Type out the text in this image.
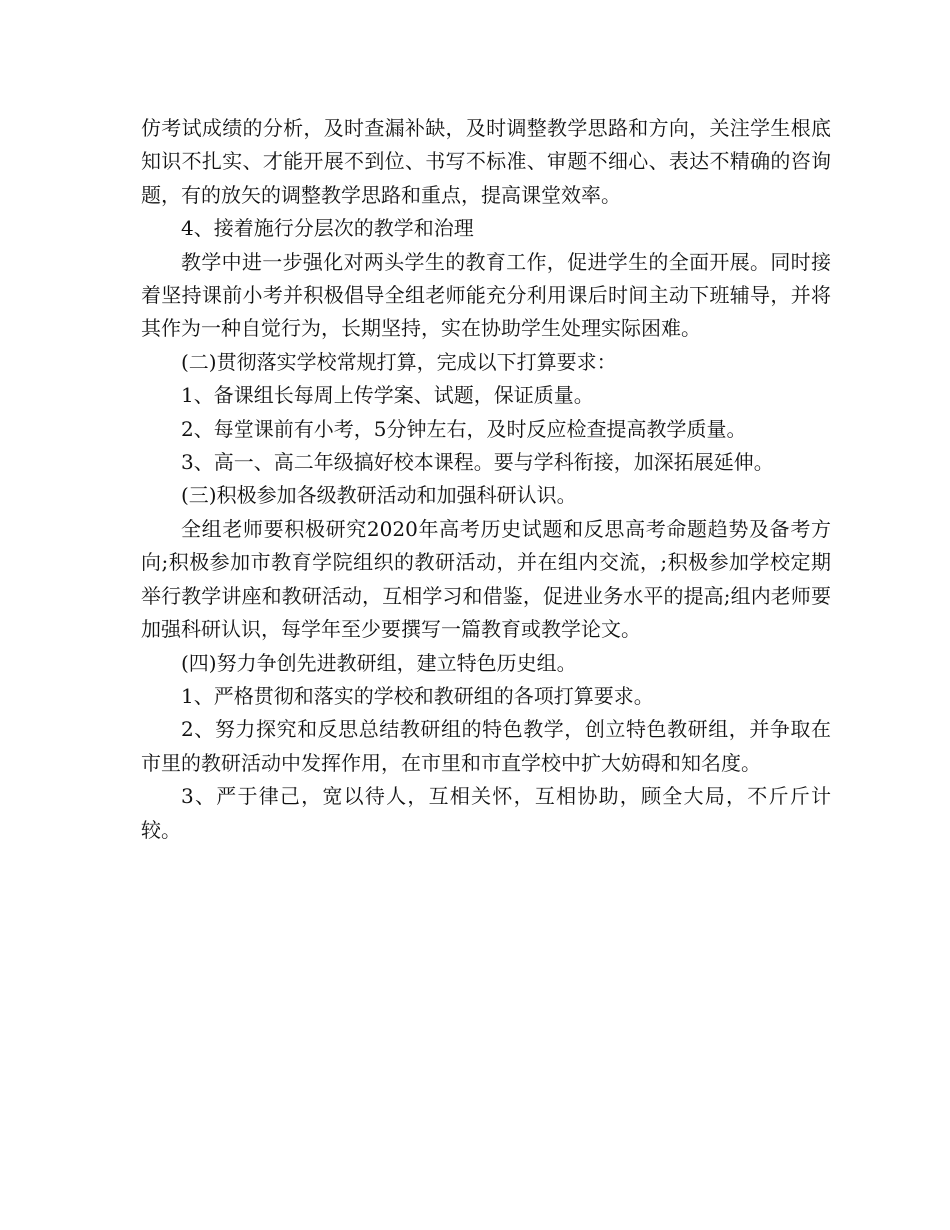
仿考试成绩的分析，及时查漏补缺，及时调整教学思路和方向，关注学生根底知识不扎实、才能开展不到位、书写不标准、审题不细心、表达不精确的咨询题，有的放矢的调整教学思路和重点，提高课堂效率。

4、接着施行分层次的教学和治理

教学中进一步强化对两头学生的教育工作，促进学生的全面开展。同时接着坚持课前小考并积极倡导全组老师能充分利用课后时间主动下班辅导，并将其作为一种自觉行为，长期坚持，实在协助学生处理实际困难。

(二)贯彻落实学校常规打算，完成以下打算要求：

1、备课组长每周上传学案、试题，保证质量。

2、每堂课前有小考，5分钟左右，及时反应检查提高教学质量。

3、高一、高二年级搞好校本课程。要与学科衔接，加深拓展延伸。

(三)积极参加各级教研活动和加强科研认识。

全组老师要积极研究2020年高考历史试题和反思高考命题趋势及备考方向;积极参加市教育学院组织的教研活动，并在组内交流，;积极参加学校定期举行教学讲座和教研活动，互相学习和借鉴，促进业务水平的提高;组内老师要加强科研认识，每学年至少要撰写一篇教育或教学论文。

(四)努力争创先进教研组，建立特色历史组。

1、严格贯彻和落实的学校和教研组的各项打算要求。

2、努力探究和反思总结教研组的特色教学，创立特色教研组，并争取在市里的教研活动中发挥作用，在市里和市直学校中扩大妨碍和知名度。

3、严于律己，宽以待人，互相关怀，互相协助，顾全大局，不斤斤计较。
